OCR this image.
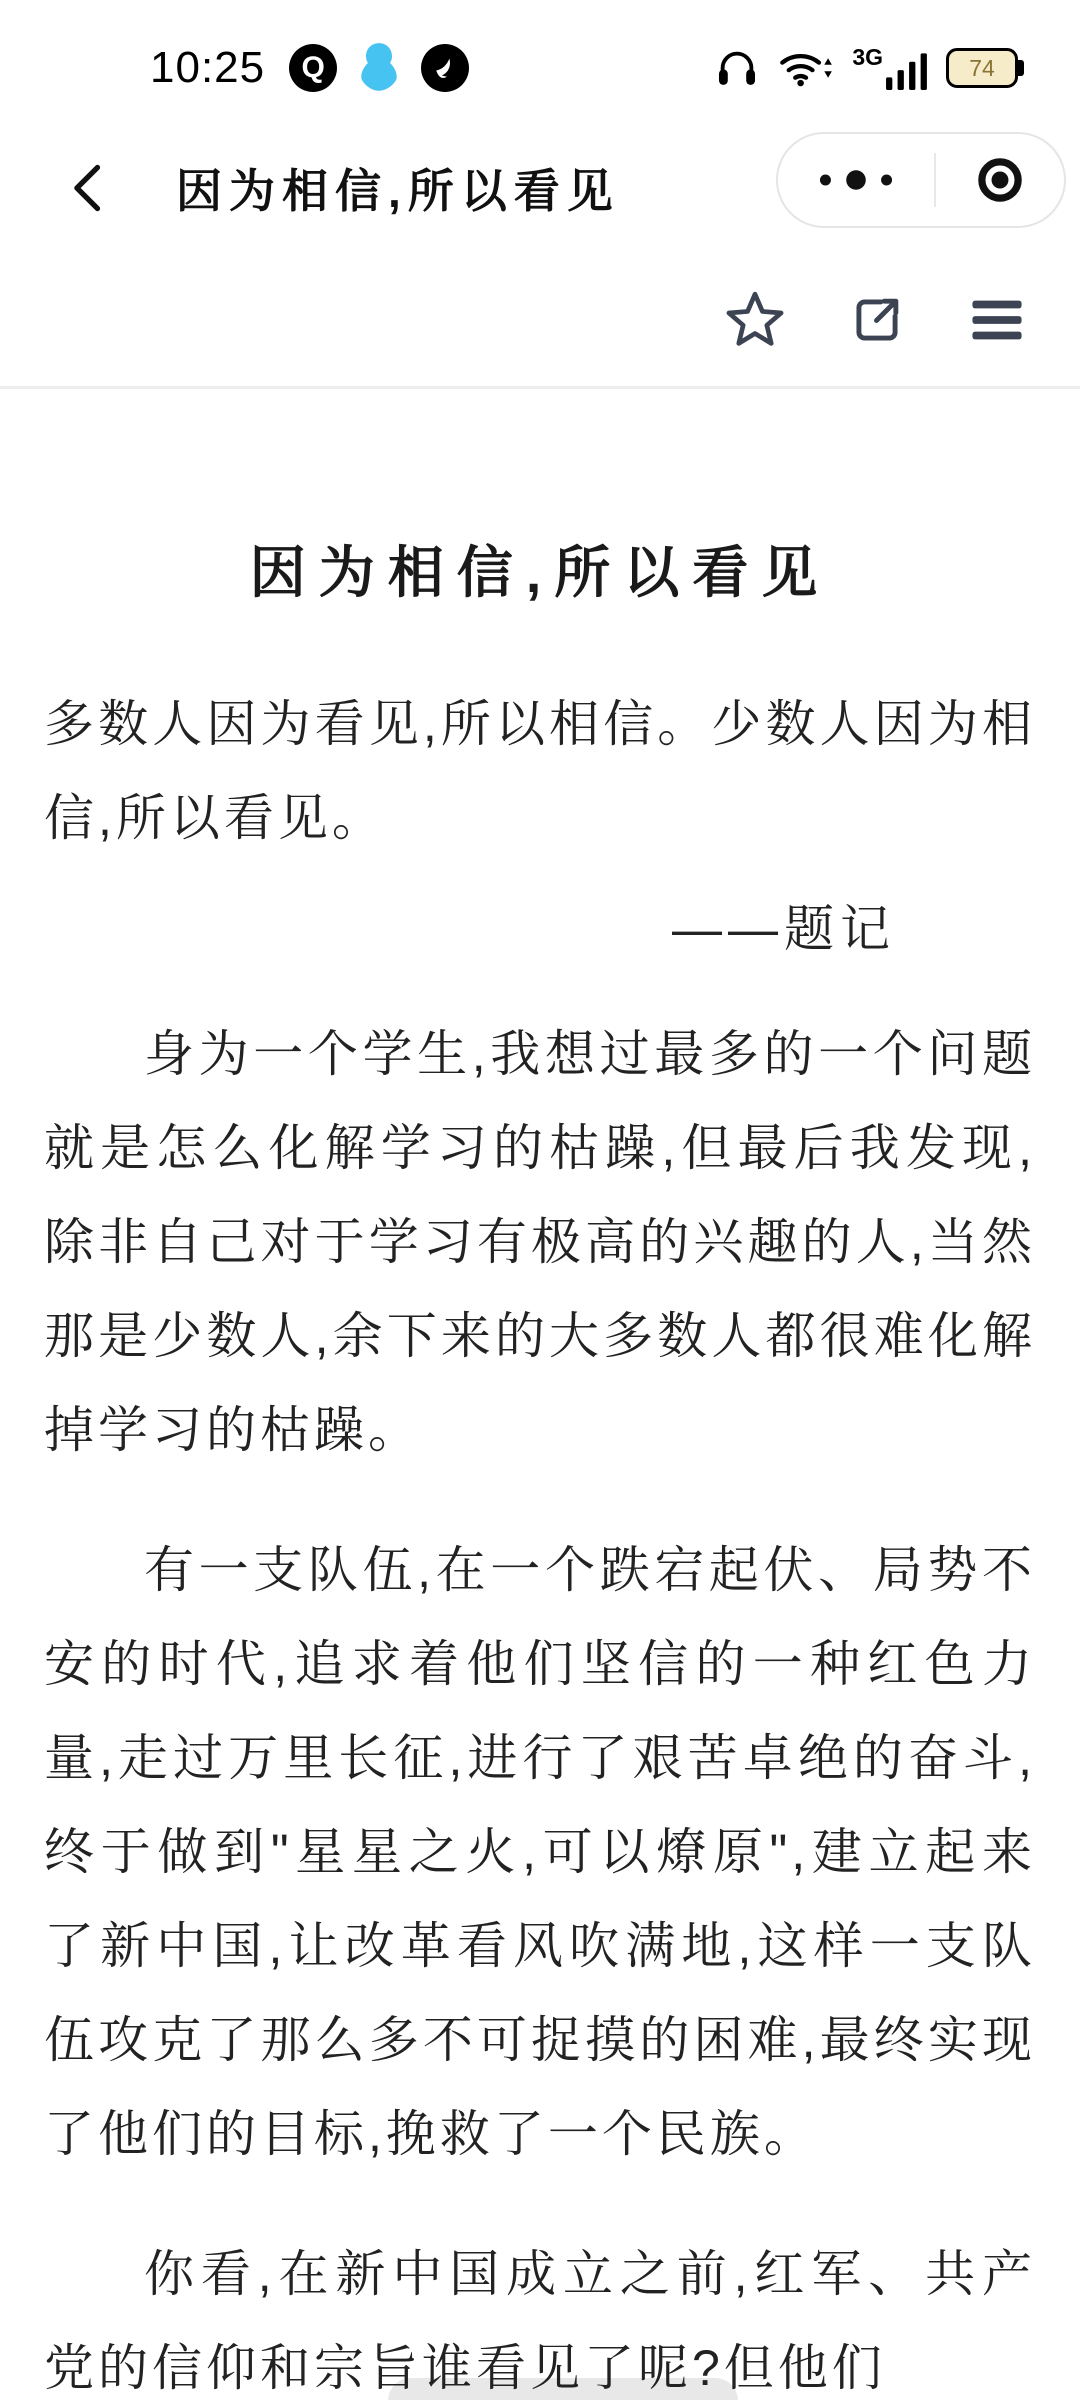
10:25 Q	3G	74
因为相信,所以看见
因为相信,所以看见

多数人因为看见,所以相信。少数人因为相信,所以看见。

——题记

身为一个学生,我想过最多的一个问题就是怎么化解学习的枯躁,但最后我发现,除非自己对于学习有极高的兴趣的人,当然那是少数人,余下来的大多数人都很难化解掉学习的枯躁。

有一支队伍,在一个跌宕起伏、局势不安的时代,追求着他们坚信的一种红色力量,走过万里长征,进行了艰苦卓绝的奋斗,终于做到"星星之火,可以燎原",建立起来了新中国,让改革看风吹满地,这样一支队伍攻克了那么多不可捉摸的困难,最终实现了他们的目标,挽救了一个民族。

你看,在新中国成立之前,红军、共产党的信仰和宗旨谁看见了呢?但他们
